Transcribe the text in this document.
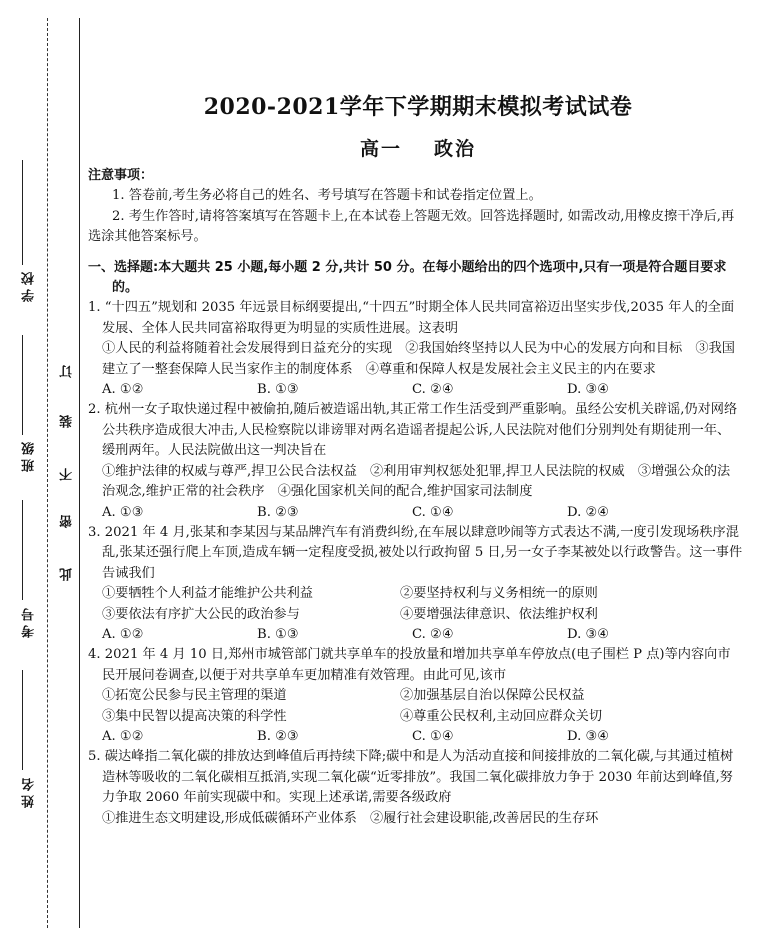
学校
班级
考号
姓名
订
装
不
密
此
2020-2021学年下学期期末模拟考试试卷
高一 政治

注意事项：

1. 答卷前,考生务必将自己的姓名、考号填写在答题卡和试卷指定位置上。

2. 考生作答时,请将答案填写在答题卡上,在本试卷上答题无效。回答选择题时, 如需改动,用橡皮擦干净后,再选涂其他答案标号。

一、选择题:本大题共 25 小题,每小题 2 分,共计 50 分。在每小题给出的四个选项中,只有一项是符合题目要求的。

1. “十四五”规划和 2035 年远景目标纲要提出,“十四五”时期全体人民共同富裕迈出坚实步伐,2035 年人的全面发展、全体人民共同富裕取得更为明显的实质性进展。这表明

①人民的利益将随着社会发展得到日益充分的实现　②我国始终坚持以人民为中心的发展方向和目标　③我国建立了一整套保障人民当家作主的制度体系　④尊重和保障人权是发展社会主义民主的内在要求

A. ①②	B. ①③	C. ②④	D. ③④

2. 杭州一女子取快递过程中被偷拍,随后被造谣出轨,其正常工作生活受到严重影响。虽经公安机关辟谣,仍对网络公共秩序造成很大冲击,人民检察院以诽谤罪对两名造谣者提起公诉,人民法院对他们分别判处有期徒刑一年、缓刑两年。人民法院做出这一判决旨在

①维护法律的权威与尊严,捍卫公民合法权益　②利用审判权惩处犯罪,捍卫人民法院的权威　③增强公众的法治观念,维护正常的社会秩序　④强化国家机关间的配合,维护国家司法制度

A. ①③	B. ②③	C. ①④	D. ②④

3. 2021 年 4 月,张某和李某因与某品牌汽车有消费纠纷,在车展以肆意吵闹等方式表达不满,一度引发现场秩序混乱,张某还强行爬上车顶,造成车辆一定程度受损,被处以行政拘留 5 日,另一女子李某被处以行政警告。这一事件告诫我们

①要牺牲个人利益才能维护公共利益	②要坚持权利与义务相统一的原则
③要依法有序扩大公民的政治参与	④要增强法律意识、依法维护权利
A. ①②	B. ①③	C. ②④	D. ③④

4. 2021 年 4 月 10 日,郑州市城管部门就共享单车的投放量和增加共享单车停放点(电子围栏 P 点)等内容向市民开展问卷调查,以便于对共享单车更加精准有效管理。由此可见,该市

①拓宽公民参与民主管理的渠道	②加强基层自治以保障公民权益
③集中民智以提高决策的科学性	④尊重公民权利,主动回应群众关切
A. ①②	B. ②③	C. ①④	D. ③④

5. 碳达峰指二氧化碳的排放达到峰值后再持续下降;碳中和是人为活动直接和间接排放的二氧化碳,与其通过植树造林等吸收的二氧化碳相互抵消,实现二氧化碳“近零排放”。我国二氧化碳排放力争于 2030 年前达到峰值,努力争取 2060 年前实现碳中和。实现上述承诺,需要各级政府

①推进生态文明建设,形成低碳循环产业体系　②履行社会建设职能,改善居民的生存环
